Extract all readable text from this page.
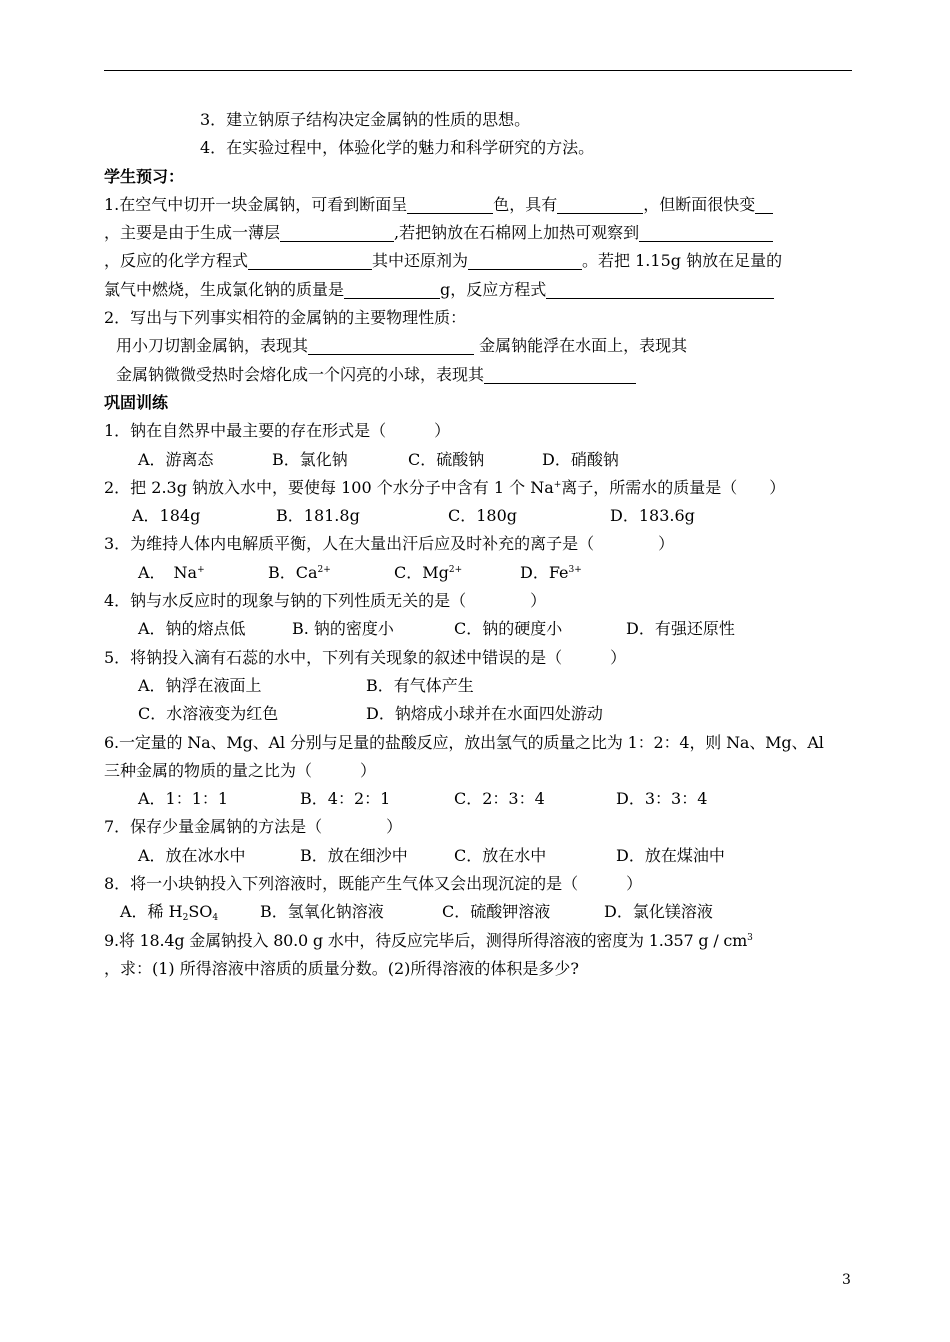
3．建立钠原子结构决定金属钠的性质的思想。
4．在实验过程中，体验化学的魅力和科学研究的方法。
学生预习：
1.在空气中切开一块金属钠，可看到断面呈	色，具有	，但断面很快变
，主要是由于生成一薄层	,若把钠放在石棉网上加热可观察到
，反应的化学方程式	其中还原剂为	。若把 1.15g 钠放在足量的
氯气中燃烧，生成氯化钠的质量是	g，反应方程式
2．写出与下列事实相符的金属钠的主要物理性质：
用小刀切割金属钠，表现其	金属钠能浮在水面上，表现其
金属钠微微受热时会熔化成一个闪亮的小球，表现其
巩固训练
1．钠在自然界中最主要的存在形式是（　　　）
A．游离态	B．氯化钠	C．硫酸钠	D．硝酸钠
2．把 2.3g 钠放入水中，要使每 100 个水分子中含有 1 个 Na+离子，所需水的质量是（　　）
A．184g	B．181.8g	C．180g	D．183.6g
3．为维持人体内电解质平衡，人在大量出汗后应及时补充的离子是（　　　　）
A．　Na+	B．$Ca^{2+}$	C．$Mg^{2+}$	D．$Fe^{3+}$
4．钠与水反应时的现象与钠的下列性质无关的是（　　　　）
A．钠的熔点低	B. 钠的密度小	C．钠的硬度小	D．有强还原性
5．将钠投入滴有石蕊的水中，下列有关现象的叙述中错误的是（　　　）
A．钠浮在液面上	B．有气体产生
C．水溶液变为红色	D．钠熔成小球并在水面四处游动
6.一定量的 Na、Mg、Al 分别与足量的盐酸反应，放出氢气的质量之比为 1：2：4，则 Na、Mg、Al
三种金属的物质的量之比为（　　　）
A．1：1：1	B．4：2：1	C．2：3：4	D．3：3：4
7．保存少量金属钠的方法是（　　　　）
A．放在冰水中	B．放在细沙中	C．放在水中	D．放在煤油中
8．将一小块钠投入下列溶液时，既能产生气体又会出现沉淀的是（　　　）
A．稀 $H_2SO_4$	B．氢氧化钠溶液	C．硫酸钾溶液	D．氯化镁溶液
9.将 18.4g 金属钠投入 80.0 g 水中，待反应完毕后，测得所得溶液的密度为 1.357 g / $cm^3$
，求：(1) 所得溶液中溶质的质量分数。(2)所得溶液的体积是多少?
3
